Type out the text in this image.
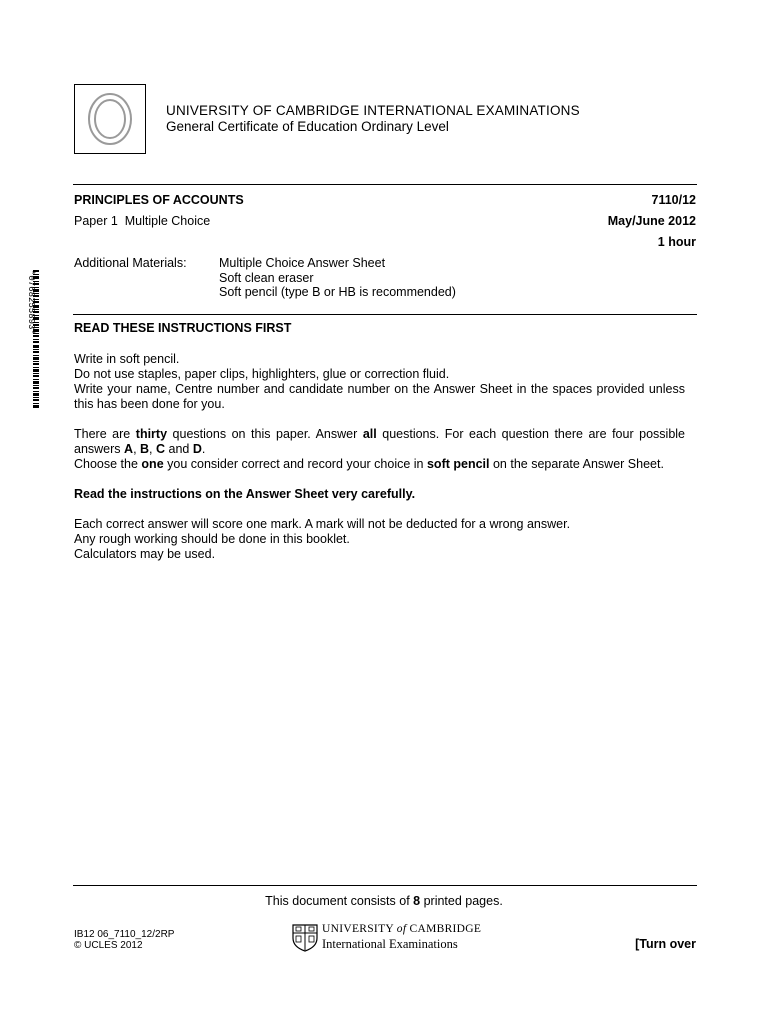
UNIVERSITY OF CAMBRIDGE INTERNATIONAL EXAMINATIONS
General Certificate of Education Ordinary Level
PRINCIPLES OF ACCOUNTS	7110/12
Paper 1  Multiple Choice	May/June 2012
1 hour
Additional Materials:	Multiple Choice Answer Sheet
Soft clean eraser
Soft pencil (type B or HB is recommended)
*0768255893*	READ THESE INSTRUCTIONS FIRST

Write in soft pencil.
Do not use staples, paper clips, highlighters, glue or correction fluid.
Write your name, Centre number and candidate number on the Answer Sheet in the spaces provided unless this has been done for you.

There are thirty questions on this paper. Answer all questions. For each question there are four possible answers A, B, C and D.
Choose the one you consider correct and record your choice in soft pencil on the separate Answer Sheet.

Read the instructions on the Answer Sheet very carefully.

Each correct answer will score one mark. A mark will not be deducted for a wrong answer.
Any rough working should be done in this booklet.
Calculators may be used.

This document consists of 8 printed pages.
IB12 06_7110_12/2RP
© UCLES 2012
UNIVERSITY of CAMBRIDGE
International Examinations	[Turn over
